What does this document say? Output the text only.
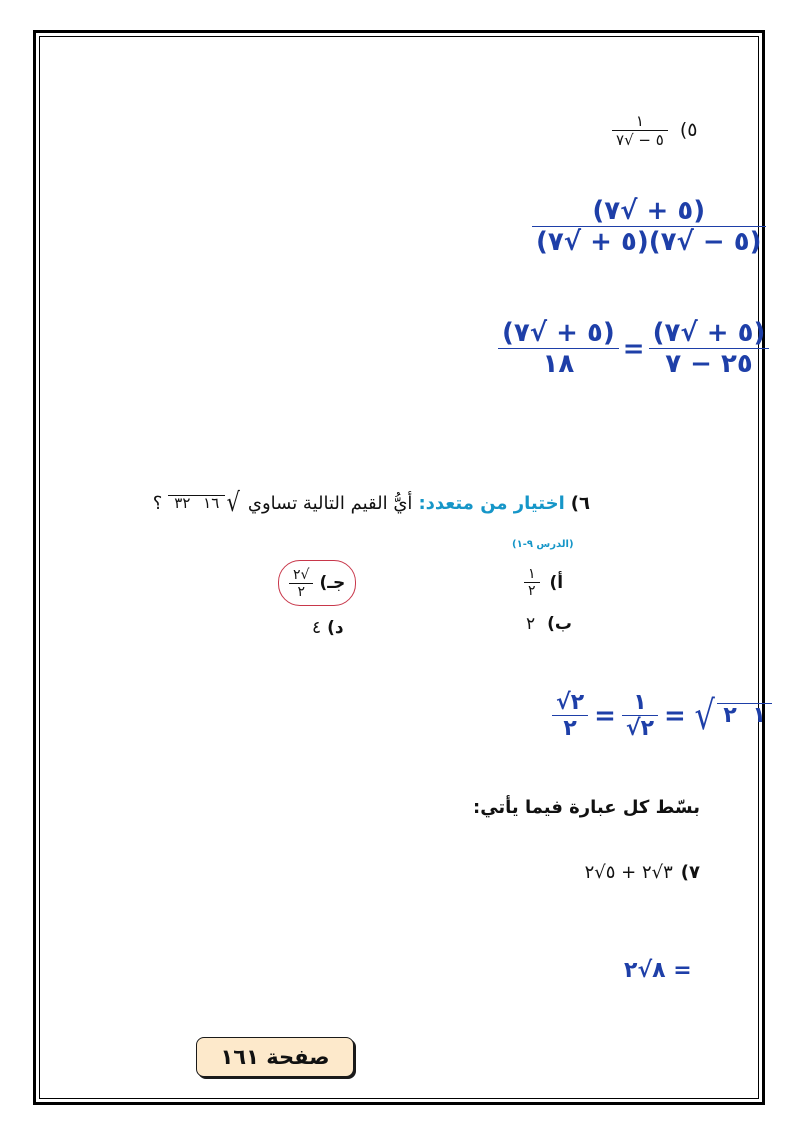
٥)
$\frac{١}{٥ - √٧}$
$\frac{(٥ + √٧)}{(٥ - √٧)(٥ + √٧)}$
$\frac{(٥ + √٧)}{١٨} = \frac{(٥ + √٧)}{٢٥ - ٧}$
٦)
اختيار من متعدد:
أيُّ القيم التالية تساوي
√
١٦ ٣٢
؟
(الدرس ٩-١)
أ)
$\frac{١}{٢}$
ب)
٢
جـ)
$\frac{√٢}{٢}$
د)
٤
$\frac{√٢}{٢} = \frac{١}{√٢}$ = √	١ ٢
بسّط كل عبارة فيما يأتي:
٧)
٣√٢ + ٥√٢
= ٨√٢
صفحة ١٦١
